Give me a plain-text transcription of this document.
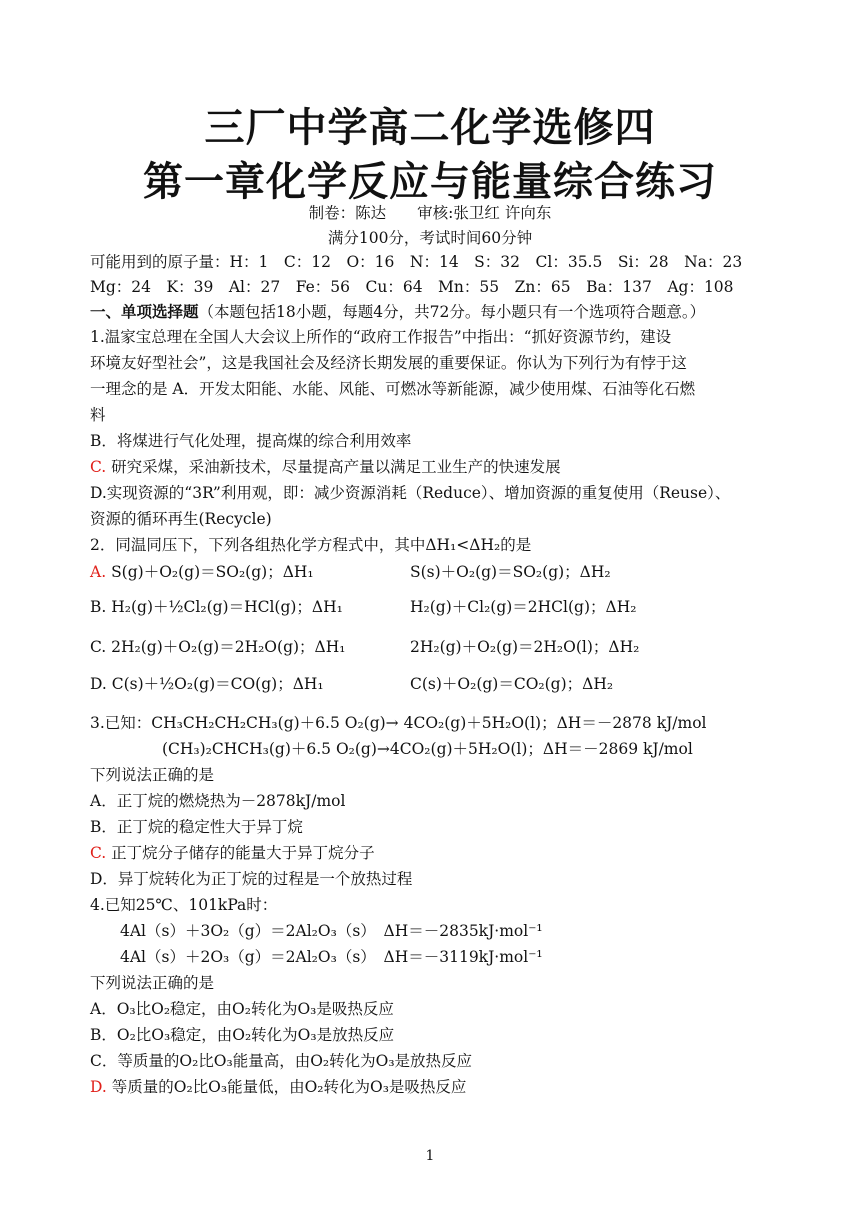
三厂中学高二化学选修四
第一章化学反应与能量综合练习
制卷：陈达　　审核:张卫红 许向东
满分100分，考试时间60分钟
可能用到的原子量：H：1　C：12　O：16　N：14　S：32　Cl：35.5　Si：28　Na：23
Mg：24　K：39　Al：27　Fe：56　Cu：64　Mn：55　Zn：65　Ba：137　Ag：108
一、单项选择题（本题包括18小题，每题4分，共72分。每小题只有一个选项符合题意。）
1.温家宝总理在全国人大会议上所作的“政府工作报告”中指出：“抓好资源节约，建设
环境友好型社会”，这是我国社会及经济长期发展的重要保证。你认为下列行为有悖于这
一理念的是 A．开发太阳能、水能、风能、可燃冰等新能源，减少使用煤、石油等化石燃
料
B．将煤进行气化处理，提高煤的综合利用效率
C. 研究采煤，采油新技术，尽量提高产量以满足工业生产的快速发展
D.实现资源的“3R”利用观，即：减少资源消耗（Reduce）、增加资源的重复使用（Reuse）、
资源的循环再生(Recycle)
2．同温同压下，下列各组热化学方程式中，其中ΔH₁<ΔH₂的是
A. S(g)＋O₂(g)＝SO₂(g)；ΔH₁	S(s)＋O₂(g)＝SO₂(g)；ΔH₂
B. H₂(g)＋½Cl₂(g)＝HCl(g)；ΔH₁	H₂(g)＋Cl₂(g)＝2HCl(g)；ΔH₂
C. 2H₂(g)＋O₂(g)＝2H₂O(g)；ΔH₁	2H₂(g)＋O₂(g)＝2H₂O(l)；ΔH₂
D. C(s)＋½O₂(g)＝CO(g)；ΔH₁	C(s)＋O₂(g)＝CO₂(g)；ΔH₂
3.已知：CH₃CH₂CH₂CH₃(g)＋6.5 O₂(g)→ 4CO₂(g)＋5H₂O(l)；ΔH＝－2878 kJ/mol
(CH₃)₂CHCH₃(g)＋6.5 O₂(g)→4CO₂(g)＋5H₂O(l)；ΔH＝－2869 kJ/mol
下列说法正确的是
A．正丁烷的燃烧热为－2878kJ/mol
B．正丁烷的稳定性大于异丁烷
C. 正丁烷分子储存的能量大于异丁烷分子
D．异丁烷转化为正丁烷的过程是一个放热过程
4.已知25℃、101kPa时：
4Al（s）＋3O₂（g）＝2Al₂O₃（s）　ΔH＝－2835kJ·mol⁻¹
4Al（s）＋2O₃（g）＝2Al₂O₃（s）　ΔH＝－3119kJ·mol⁻¹
下列说法正确的是
A．O₃比O₂稳定，由O₂转化为O₃是吸热反应
B．O₂比O₃稳定，由O₂转化为O₃是放热反应
C．等质量的O₂比O₃能量高，由O₂转化为O₃是放热反应
D. 等质量的O₂比O₃能量低，由O₂转化为O₃是吸热反应
1
